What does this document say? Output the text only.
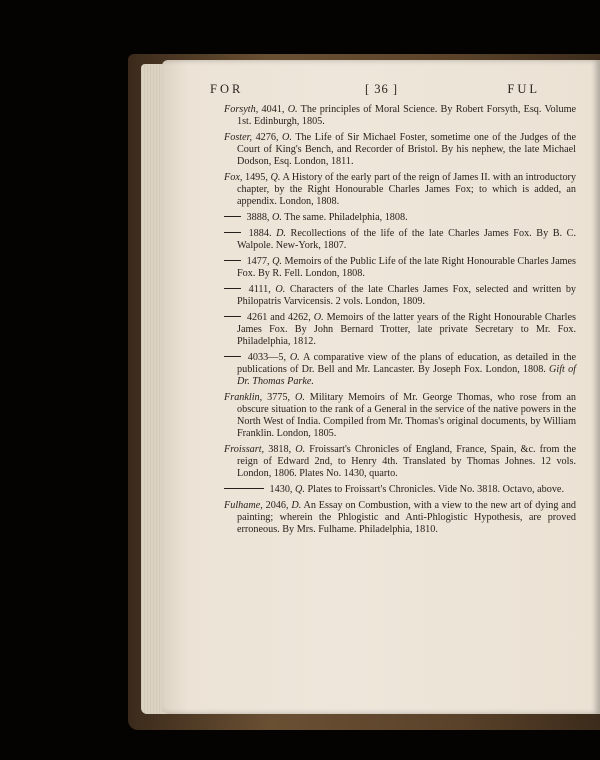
FOR	[ 36 ]	FUL
Forsyth, 4041, O. The principles of Moral Science. By Robert Forsyth, Esq. Volume 1st. Edinburgh, 1805.
Foster, 4276, O. The Life of Sir Michael Foster, sometime one of the Judges of the Court of King's Bench, and Recorder of Bristol. By his nephew, the late Michael Dodson, Esq. London, 1811.
Fox, 1495, Q. A History of the early part of the reign of James II. with an introductory chapter, by the Right Honourable Charles James Fox; to which is added, an appendix. London, 1808.
3888, O. The same. Philadelphia, 1808.
1884. D. Recollections of the life of the late Charles James Fox. By B. C. Walpole. New-York, 1807.
1477, Q. Memoirs of the Public Life of the late Right Honourable Charles James Fox. By R. Fell. London, 1808.
4111, O. Characters of the late Charles James Fox, selected and written by Philopatris Varvicensis. 2 vols. London, 1809.
4261 and 4262, O. Memoirs of the latter years of the Right Honourable Charles James Fox. By John Bernard Trotter, late private Secretary to Mr. Fox. Philadelphia, 1812.
4033—5, O. A comparative view of the plans of education, as detailed in the publications of Dr. Bell and Mr. Lancaster. By Joseph Fox. London, 1808. Gift of Dr. Thomas Parke.
Franklin, 3775, O. Military Memoirs of Mr. George Thomas, who rose from an obscure situation to the rank of a General in the service of the native powers in the North West of India. Compiled from Mr. Thomas's original documents, by William Franklin. London, 1805.
Froissart, 3818, O. Froissart's Chronicles of England, France, Spain, &c. from the reign of Edward 2nd, to Henry 4th. Translated by Thomas Johnes. 12 vols. London, 1806. Plates No. 1430, quarto.
1430, Q. Plates to Froissart's Chronicles. Vide No. 3818. Octavo, above.
Fulhame, 2046, D. An Essay on Combustion, with a view to the new art of dying and painting; wherein the Phlogistic and Anti-Phlogistic Hypothesis, are proved erroneous. By Mrs. Fulhame. Philadelphia, 1810.
